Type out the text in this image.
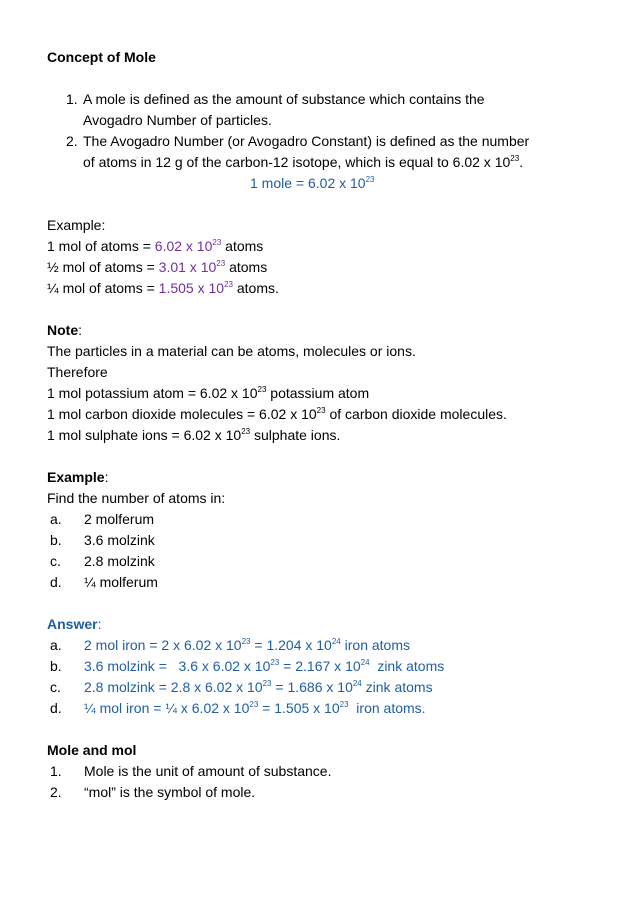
Concept of Mole
1. A mole is defined as the amount of substance which contains the
Avogadro Number of particles.
2. The Avogadro Number (or Avogadro Constant) is defined as the number
of atoms in 12 g of the carbon-12 isotope, which is equal to 6.02 x $10^{23}$.
1 mole = 6.02 x $10^{23}$
Example:
1 mol of atoms = 6.02 x $10^{23}$ atoms
½ mol of atoms = 3.01 x $10^{23}$ atoms
¼ mol of atoms = 1.505 x $10^{23}$ atoms.
Note:
The particles in a material can be atoms, molecules or ions.
Therefore
1 mol potassium atom = 6.02 x $10^{23}$ potassium atom
1 mol carbon dioxide molecules = 6.02 x $10^{23}$ of carbon dioxide molecules.
1 mol sulphate ions = 6.02 x $10^{23}$ sulphate ions.
Example:
Find the number of atoms in:
a. 2 molferum
b. 3.6 molzink
c. 2.8 molzink
d. ¼ molferum
Answer:
a. 2 mol iron = 2 x 6.02 x $10^{23} = 1.204$ x $10^{24}$ iron atoms
b. 3.6 molzink =   3.6 x 6.02 x $10^{23} = 2.167$ x $10^{24}$  zink atoms
c. 2.8 molzink = 2.8 x 6.02 x $10^{23} = 1.686$ x $10^{24}$ zink atoms
d. ¼ mol iron = ¼ x 6.02 x $10^{23} = 1.505$ x $10^{23}$  iron atoms.
Mole and mol
1. Mole is the unit of amount of substance.
2. “mol” is the symbol of mole.
